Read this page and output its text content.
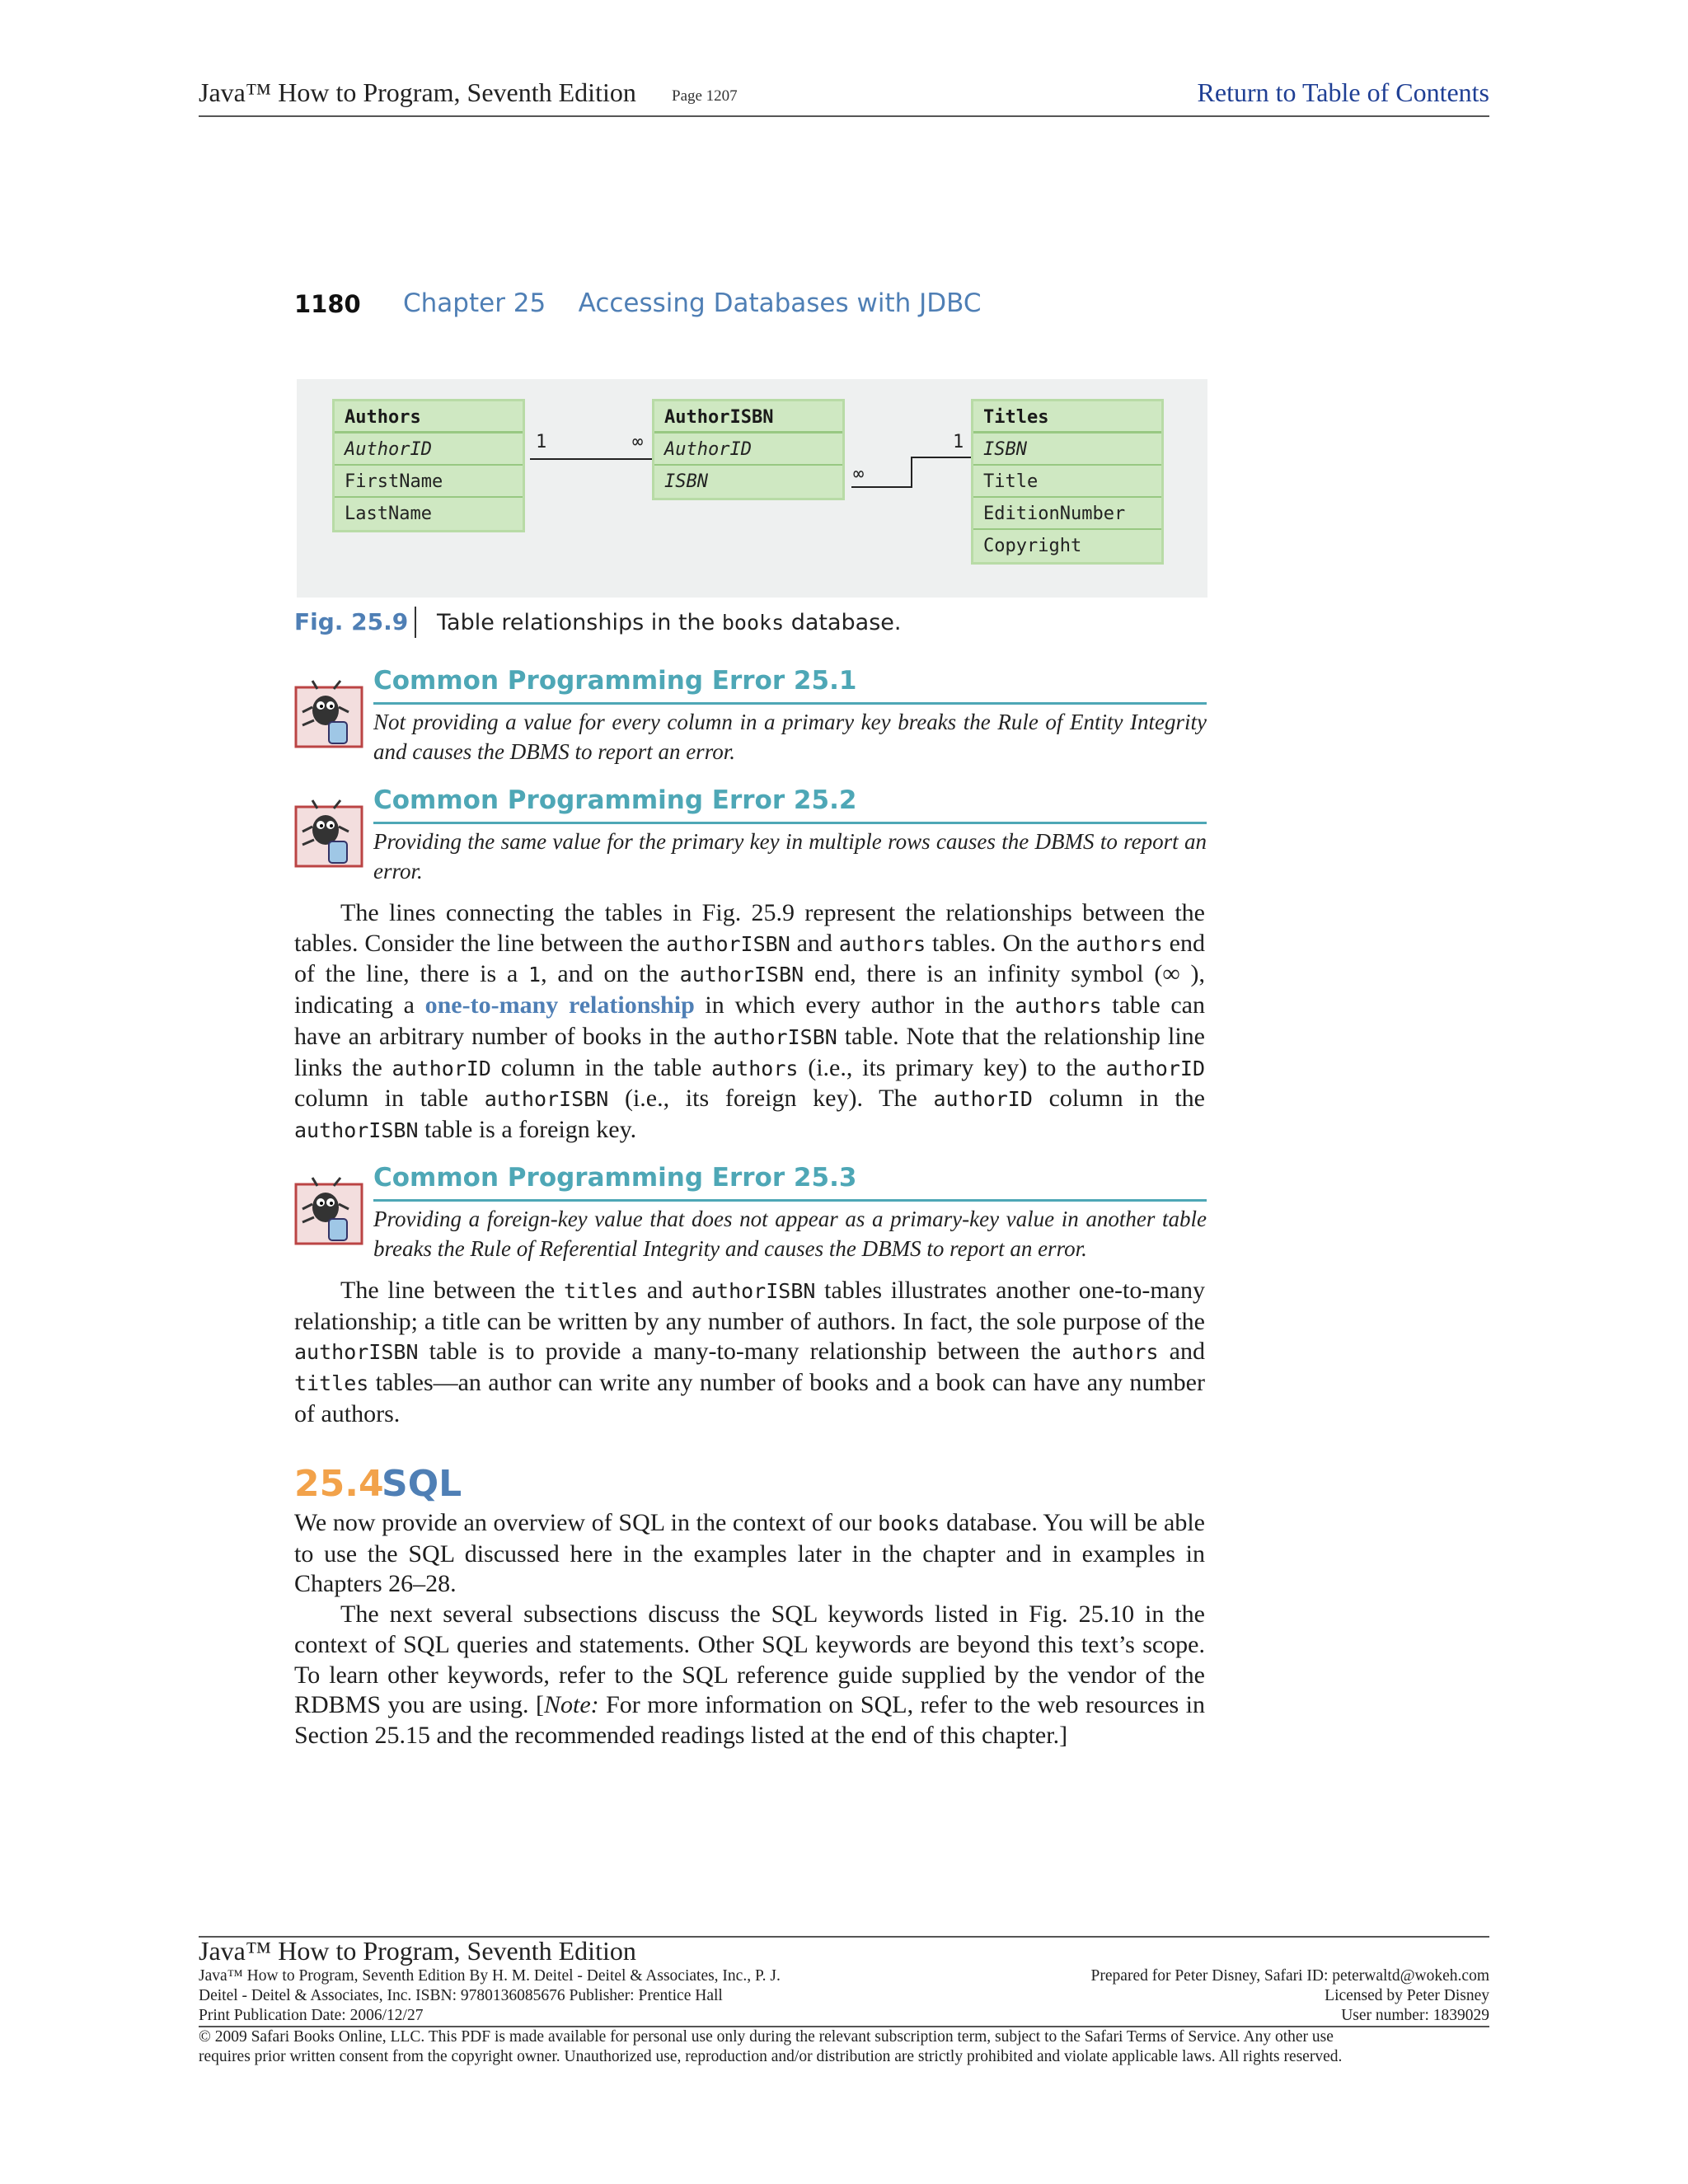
Java™ How to Program, Seventh Edition Page 1207	Return to Table of Contents
1180 Chapter 25    Accessing Databases with JDBC
Authors
AuthorID
FirstName
LastName
AuthorISBN
AuthorID
ISBN
Titles
ISBN
Title
EditionNumber
Copyright
1	∞	1
∞
Fig. 25.9 Table relationships in the books database.
Common Programming Error 25.1
Not providing a value for every column in a primary key breaks the Rule of Entity Integrity and causes the DBMS to report an error.
Common Programming Error 25.2
Providing the same value for the primary key in multiple rows causes the DBMS to report an error.

The lines connecting the tables in Fig. 25.9 represent the relationships between the tables. Consider the line between the authorISBN and authors tables. On the authors end of the line, there is a 1, and on the authorISBN end, there is an infinity symbol (∞ ), indicating a one-to-many relationship in which every author in the authors table can have an arbitrary number of books in the authorISBN table. Note that the relationship line links the authorID column in the table authors (i.e., its primary key) to the authorID column in table authorISBN (i.e., its foreign key). The authorID column in the authorISBN table is a foreign key.

Common Programming Error 25.3
Providing a foreign-key value that does not appear as a primary-key value in another table breaks the Rule of Referential Integrity and causes the DBMS to report an error.

The line between the titles and authorISBN tables illustrates another one-to-many relationship; a title can be written by any number of authors. In fact, the sole purpose of the authorISBN table is to provide a many-to-many relationship between the authors and titles tables—an author can write any number of books and a book can have any number of authors.

25.4
SQL

We now provide an overview of SQL in the context of our books database. You will be able to use the SQL discussed here in the examples later in the chapter and in examples in Chapters 26–28.

The next several subsections discuss the SQL keywords listed in Fig. 25.10 in the context of SQL queries and statements. Other SQL keywords are beyond this text’s scope. To learn other keywords, refer to the SQL reference guide supplied by the vendor of the RDBMS you are using. [Note: For more information on SQL, refer to the web resources in Section 25.15 and the recommended readings listed at the end of this chapter.]

Java™ How to Program, Seventh Edition
Java™ How to Program, Seventh Edition By H. M. Deitel - Deitel & Associates, Inc., P. J.
Deitel - Deitel & Associates, Inc. ISBN: 9780136085676 Publisher: Prentice Hall
Print Publication Date: 2006/12/27
Prepared for Peter Disney, Safari ID: peterwaltd@wokeh.com
Licensed by Peter Disney
User number: 1839029
© 2009 Safari Books Online, LLC. This PDF is made available for personal use only during the relevant subscription term, subject to the Safari Terms of Service. Any other use
requires prior written consent from the copyright owner. Unauthorized use, reproduction and/or distribution are strictly prohibited and violate applicable laws. All rights reserved.
